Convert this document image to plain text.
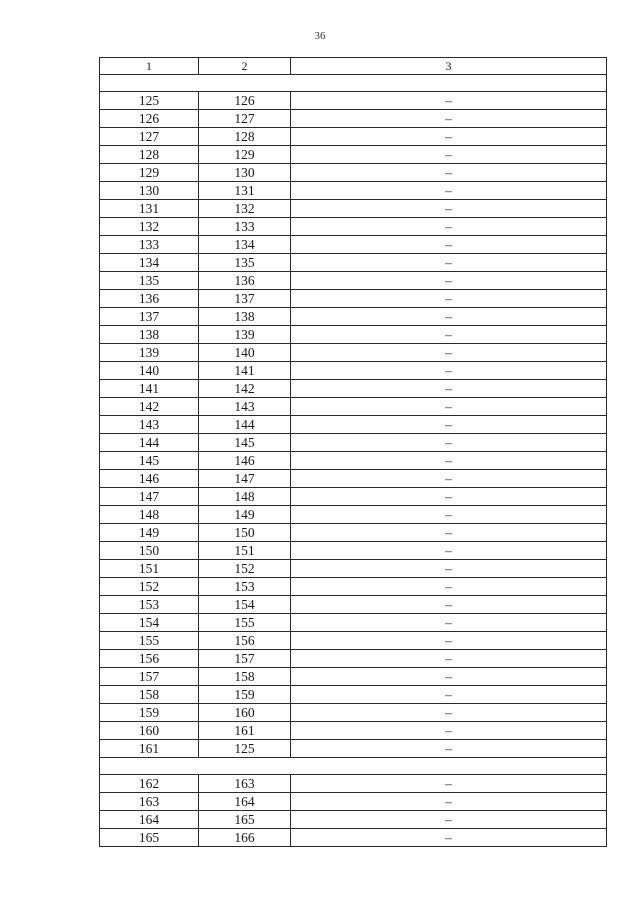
36
1	2	3

125	126	–
126	127	–
127	128	–
128	129	–
129	130	–
130	131	–
131	132	–
132	133	–
133	134	–
134	135	–
135	136	–
136	137	–
137	138	–
138	139	–
139	140	–
140	141	–
141	142	–
142	143	–
143	144	–
144	145	–
145	146	–
146	147	–
147	148	–
148	149	–
149	150	–
150	151	–
151	152	–
152	153	–
153	154	–
154	155	–
155	156	–
156	157	–
157	158	–
158	159	–
159	160	–
160	161	–
161	125	–

162	163	–
163	164	–
164	165	–
165	166	–
